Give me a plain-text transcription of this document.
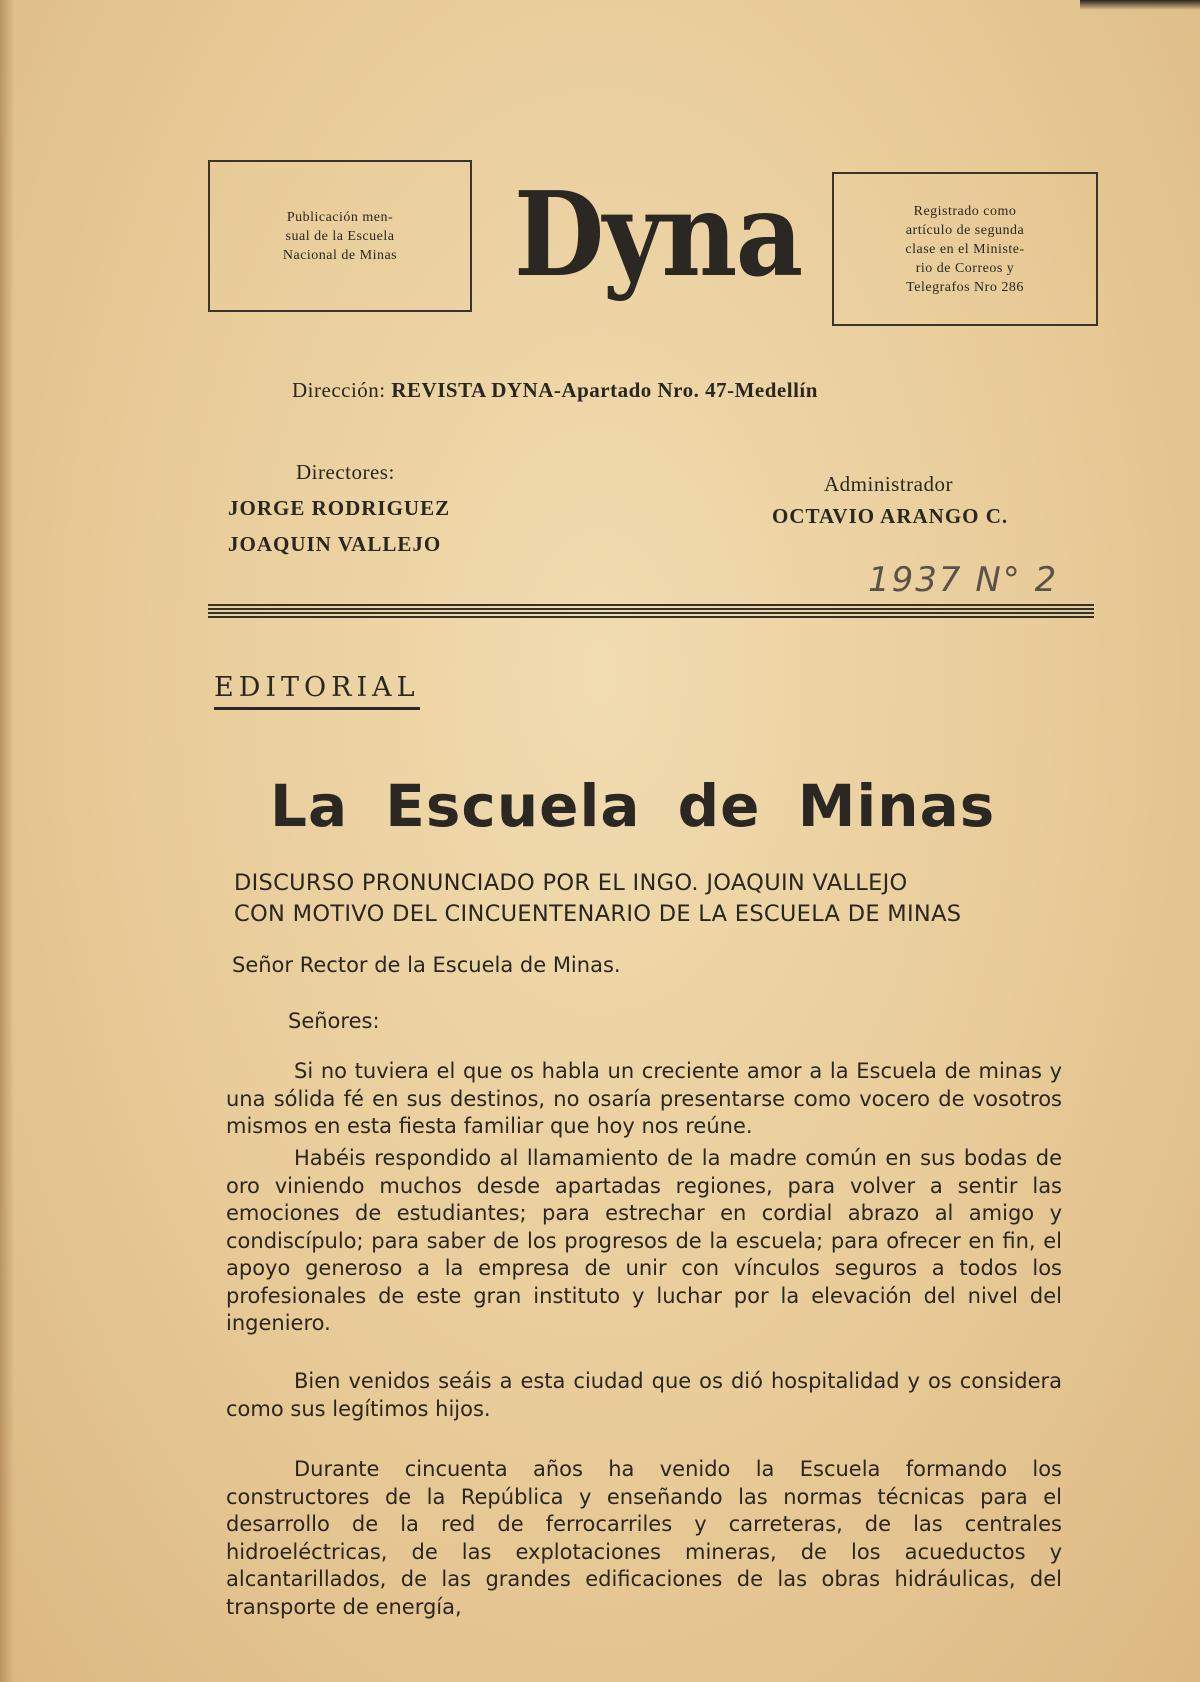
Publicación men-
sual de la Escuela
Nacional de Minas Dyna	Registrado como
artículo de segunda
clase en el Ministe-
rio de Correos y
Telegrafos Nro 286
Dirección: REVISTA DYNA-Apartado Nro. 47-Medellín
Directores:
JORGE RODRIGUEZ
JOAQUIN VALLEJO
Administrador
OCTAVIO ARANGO C.
1937 N° 2
EDITORIAL
La Escuela de Minas
DISCURSO PRONUNCIADO POR EL INGO. JOAQUIN VALLEJO
CON MOTIVO DEL CINCUENTENARIO DE LA ESCUELA DE MINAS
Señor Rector de la Escuela de Minas.
Señores:
Si no tuviera el que os habla un creciente amor a la Escuela de minas y una sólida fé en sus destinos, no osaría presentarse como vocero de vosotros mismos en esta fiesta familiar que hoy nos reúne.
Habéis respondido al llamamiento de la madre común en sus bodas de oro viniendo muchos desde apartadas regiones, para volver a sentir las emociones de estudiantes; para estrechar en cordial abrazo al amigo y condiscípulo; para saber de los progresos de la escuela; para ofrecer en fin, el apoyo generoso a la empresa de unir con vínculos seguros a todos los profesionales de este gran instituto y luchar por la elevación del nivel del ingeniero.
Bien venidos seáis a esta ciudad que os dió hospitalidad y os considera como sus legítimos hijos.
Durante cincuenta años ha venido la Escuela formando los constructores de la República y enseñando las normas técnicas para el desarrollo de la red de ferrocarriles y carreteras, de las centrales hidroeléctricas, de las explotaciones mineras, de los acueductos y alcantarillados, de las grandes edificaciones de las obras hidráulicas, del transporte de energía,
